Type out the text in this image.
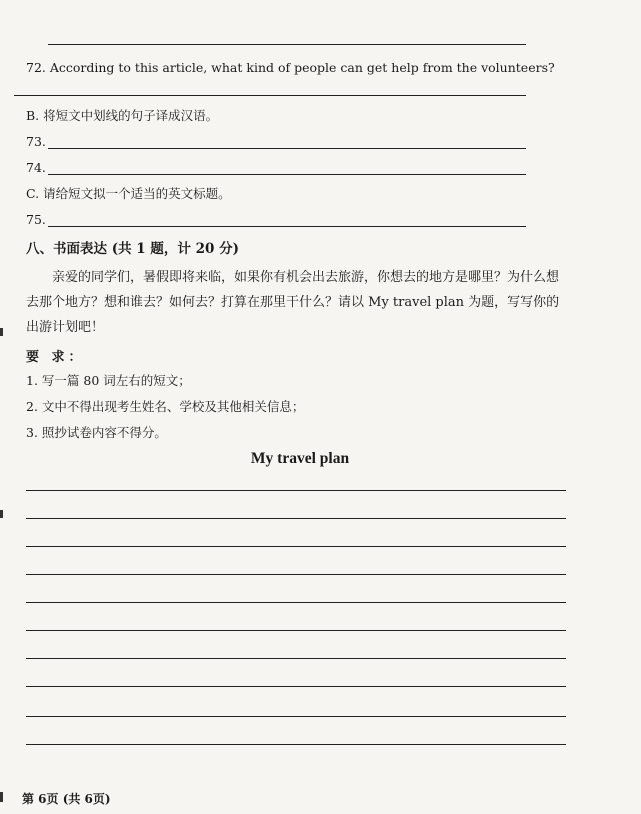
72. According to this article, what kind of people can get help from the volunteers?
B. 将短文中划线的句子译成汉语。
73.
74.
C. 请给短文拟一个适当的英文标题。
75.
八、书面表达 (共 1 题，计 20 分)
亲爱的同学们，暑假即将来临，如果你有机会出去旅游，你想去的地方是哪里？为什么想去那个地方？想和谁去？如何去？打算在那里干什么？请以 My travel plan 为题，写写你的出游计划吧！
要 求：
1. 写一篇 80 词左右的短文；
2. 文中不得出现考生姓名、学校及其他相关信息；
3. 照抄试卷内容不得分。
My travel plan
第 6页 (共 6页)
